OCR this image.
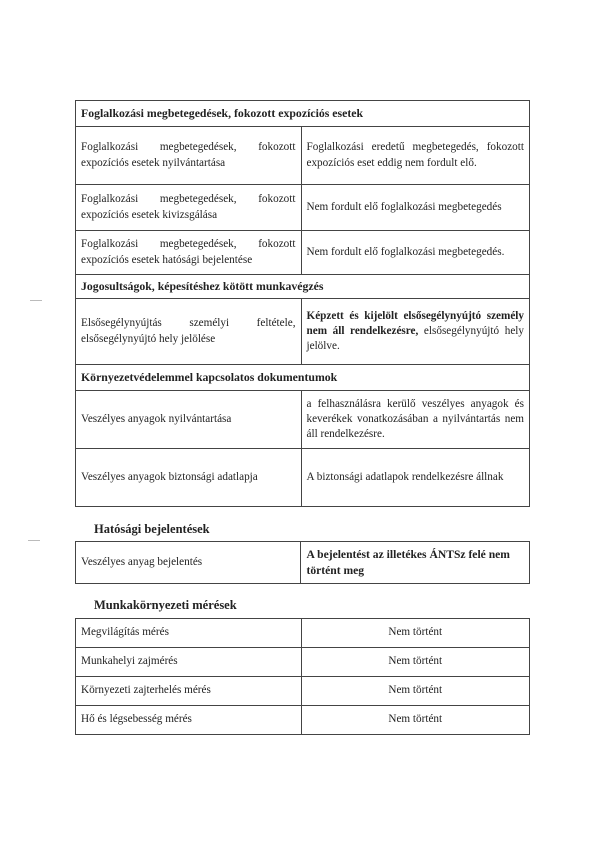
Foglalkozási megbetegedések, fokozott expozíciós esetek	
Foglalkozási megbetegedések, fokozott expozíciós esetek nyilvántartása	Foglalkozási eredetű megbetegedés, fokozott expozíciós eset eddig nem fordult elő.
Foglalkozási megbetegedések, fokozott expozíciós esetek kivizsgálása	Nem fordult elő foglalkozási megbetegedés
Foglalkozási megbetegedések, fokozott expozíciós esetek hatósági bejelentése	Nem fordult elő foglalkozási megbetegedés.
Jogosultságok, képesítéshez kötött munkavégzés	
Elsősegélynyújtás személyi feltétele, elsősegélynyújtó hely jelölése	Képzett és kijelölt elsősegélynyújtó személy nem áll rendelkezésre, elsősegélynyújtó hely jelölve.
Környezetvédelemmel kapcsolatos dokumentumok	
Veszélyes anyagok nyilvántartása	a felhasználásra kerülő veszélyes anyagok és keverékek vonatkozásában a nyilvántartás nem áll rendelkezésre.
Veszélyes anyagok biztonsági adatlapja	A biztonsági adatlapok rendelkezésre állnak
Hatósági bejelentések
Veszélyes anyag bejelentés	A bejelentést az illetékes ÁNTSz felé nem történt meg
Munkakörnyezeti mérések
Megvilágítás mérés	Nem történt
Munkahelyi zajmérés	Nem történt
Környezeti zajterhelés mérés	Nem történt
Hő és légsebesség mérés	Nem történt
